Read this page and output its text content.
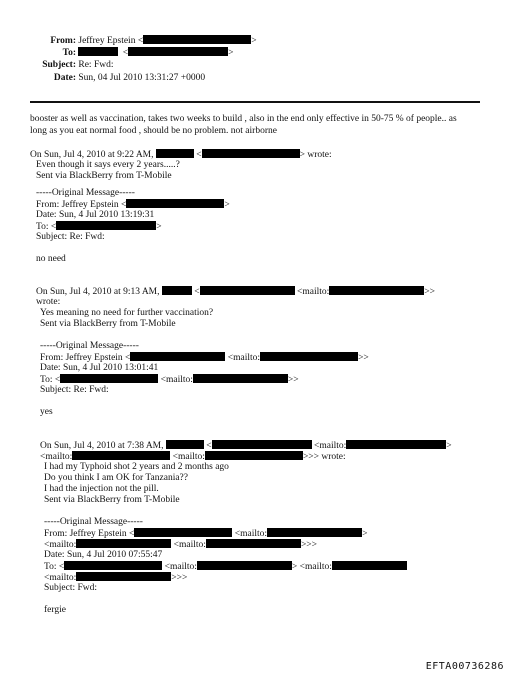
From: Jeffrey Epstein <	>
To:	<	>
Subject: Re: Fwd:
Date: Sun, 04 Jul 2010 13:31:27 +0000
booster as well as vaccination, takes two weeks to build , also in the end only effective in 50-75 % of people.. as
long as you eat normal food , should be no problem. not airborne
On Sun, Jul 4, 2010 at 9:22 AM,	<	> wrote:
Even though it says every 2 years.....?
Sent via BlackBerry from T-Mobile
-----Original Message-----
From: Jeffrey Epstein <	>
Date: Sun, 4 Jul 2010 13:19:31
To: <	>
Subject: Re: Fwd:
no need
On Sun, Jul 4, 2010 at 9:13 AM,	<	<mailto:	>>
wrote:
Yes meaning no need for further vaccination?
Sent via BlackBerry from T-Mobile
-----Original Message-----
From: Jeffrey Epstein <	<mailto:	>>
Date: Sun, 4 Jul 2010 13:01:41
To: <	<mailto:	>>
Subject: Re: Fwd:
yes
On Sun, Jul 4, 2010 at 7:38 AM,	<	<mailto:	>
<mailto:	<mailto:	>>> wrote:
I had my Typhoid shot 2 years and 2 months ago
Do you think I am OK for Tanzania??
I had the injection not the pill.
Sent via BlackBerry from T-Mobile
-----Original Message-----
From: Jeffrey Epstein <	<mailto:	>
<mailto:	<mailto:	>>>
Date: Sun, 4 Jul 2010 07:55:47
To: <	<mailto:	> <mailto:
<mailto:	>>>
Subject: Fwd:
fergie
EFTA00736286
